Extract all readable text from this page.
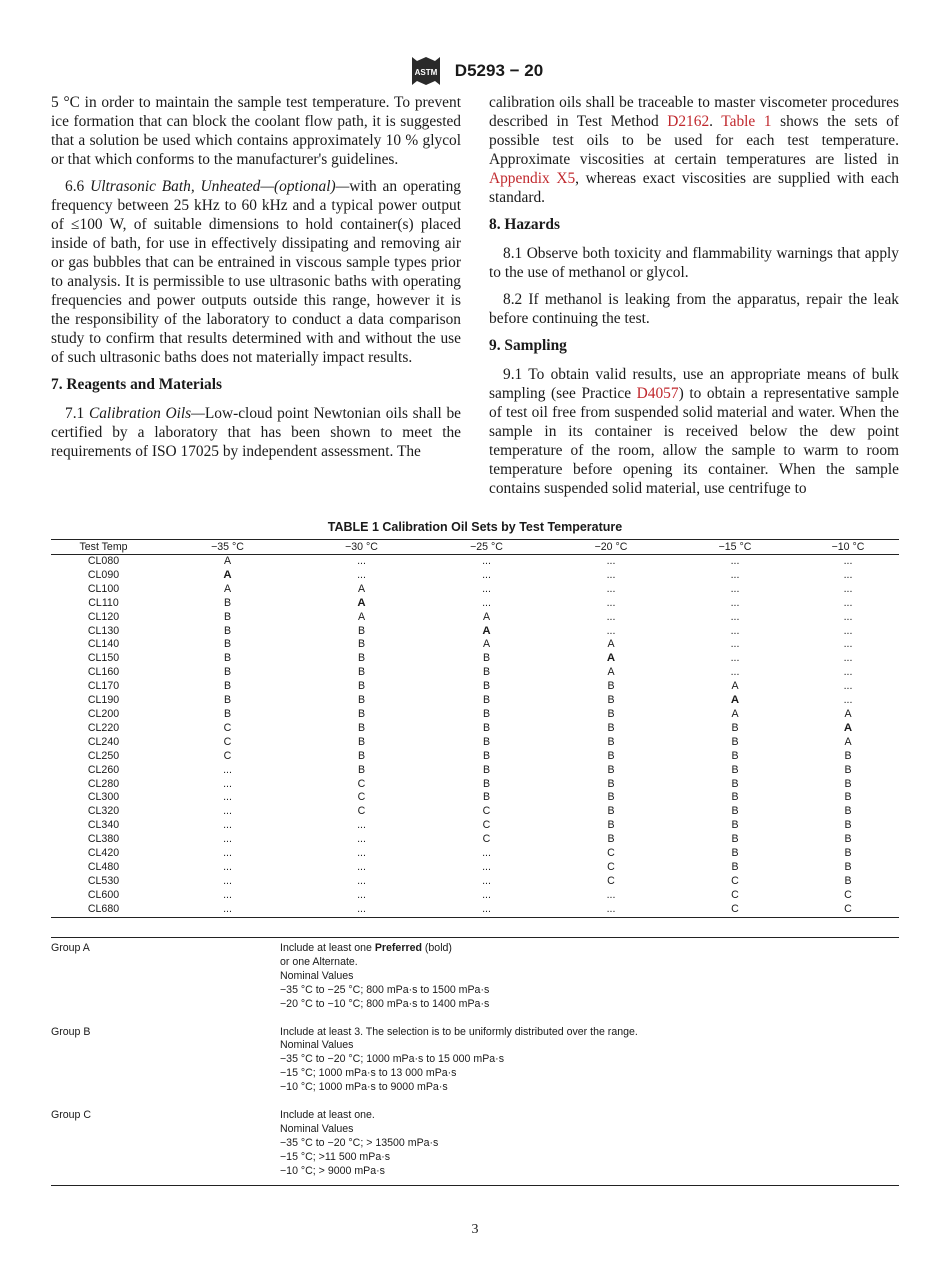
ASTM D5293 − 20

5 °C in order to maintain the sample test temperature. To prevent ice formation that can block the coolant flow path, it is suggested that a solution be used which contains approximately 10 % glycol or that which conforms to the manufacturer's guidelines.

6.6 Ultrasonic Bath, Unheated—(optional)—with an operating frequency between 25 kHz to 60 kHz and a typical power output of ≤100 W, of suitable dimensions to hold container(s) placed inside of bath, for use in effectively dissipating and removing air or gas bubbles that can be entrained in viscous sample types prior to analysis. It is permissible to use ultrasonic baths with operating frequencies and power outputs outside this range, however it is the responsibility of the laboratory to conduct a data comparison study to confirm that results determined with and without the use of such ultrasonic baths does not materially impact results.

7. Reagents and Materials

7.1 Calibration Oils—Low-cloud point Newtonian oils shall be certified by a laboratory that has been shown to meet the requirements of ISO 17025 by independent assessment. The

calibration oils shall be traceable to master viscometer procedures described in Test Method D2162. Table 1 shows the sets of possible test oils to be used for each test temperature. Approximate viscosities at certain temperatures are listed in Appendix X5, whereas exact viscosities are supplied with each standard.

8. Hazards

8.1 Observe both toxicity and flammability warnings that apply to the use of methanol or glycol.

8.2 If methanol is leaking from the apparatus, repair the leak before continuing the test.

9. Sampling

9.1 To obtain valid results, use an appropriate means of bulk sampling (see Practice D4057) to obtain a representative sample of test oil free from suspended solid material and water. When the sample in its container is received below the dew point temperature of the room, allow the sample to warm to room temperature before opening its container. When the sample contains suspended solid material, use centrifuge to

TABLE 1 Calibration Oil Sets by Test Temperature
Test Temp	−35 °C	−30 °C	−25 °C	−20 °C	−15 °C	−10 °C
CL080	A	...	...	...	...	...
CL090	A	...	...	...	...	...
CL100	A	A	...	...	...	...
CL110	B	A	...	...	...	...
CL120	B	A	A	...	...	...
CL130	B	B	A	...	...	...
CL140	B	B	A	A	...	...
CL150	B	B	B	A	...	...
CL160	B	B	B	A	...	...
CL170	B	B	B	B	A	...
CL190	B	B	B	B	A	...
CL200	B	B	B	B	A	A
CL220	C	B	B	B	B	A
CL240	C	B	B	B	B	A
CL250	C	B	B	B	B	B
CL260	...	B	B	B	B	B
CL280	...	C	B	B	B	B
CL300	...	C	B	B	B	B
CL320	...	C	C	B	B	B
CL340	...	...	C	B	B	B
CL380	...	...	C	B	B	B
CL420	...	...	...	C	B	B
CL480	...	...	...	C	B	B
CL530	...	...	...	C	C	B
CL600	...	...	...	...	C	C
CL680	...	...	...	...	C	C
Group A	Include at least one Preferred (bold)
or one Alternate.
Nominal Values
−35 °C to −25 °C; 800 mPa·s to 1500 mPa·s
−20 °C to −10 °C; 800 mPa·s to 1400 mPa·s
Group B	Include at least 3. The selection is to be uniformly distributed over the range.
Nominal Values
−35 °C to −20 °C; 1000 mPa·s to 15 000 mPa·s
−15 °C; 1000 mPa·s to 13 000 mPa·s
−10 °C; 1000 mPa·s to 9000 mPa·s
Group C	Include at least one.
Nominal Values
−35 °C to −20 °C; > 13500 mPa·s
−15 °C; >11 500 mPa·s
−10 °C; > 9000 mPa·s
3
